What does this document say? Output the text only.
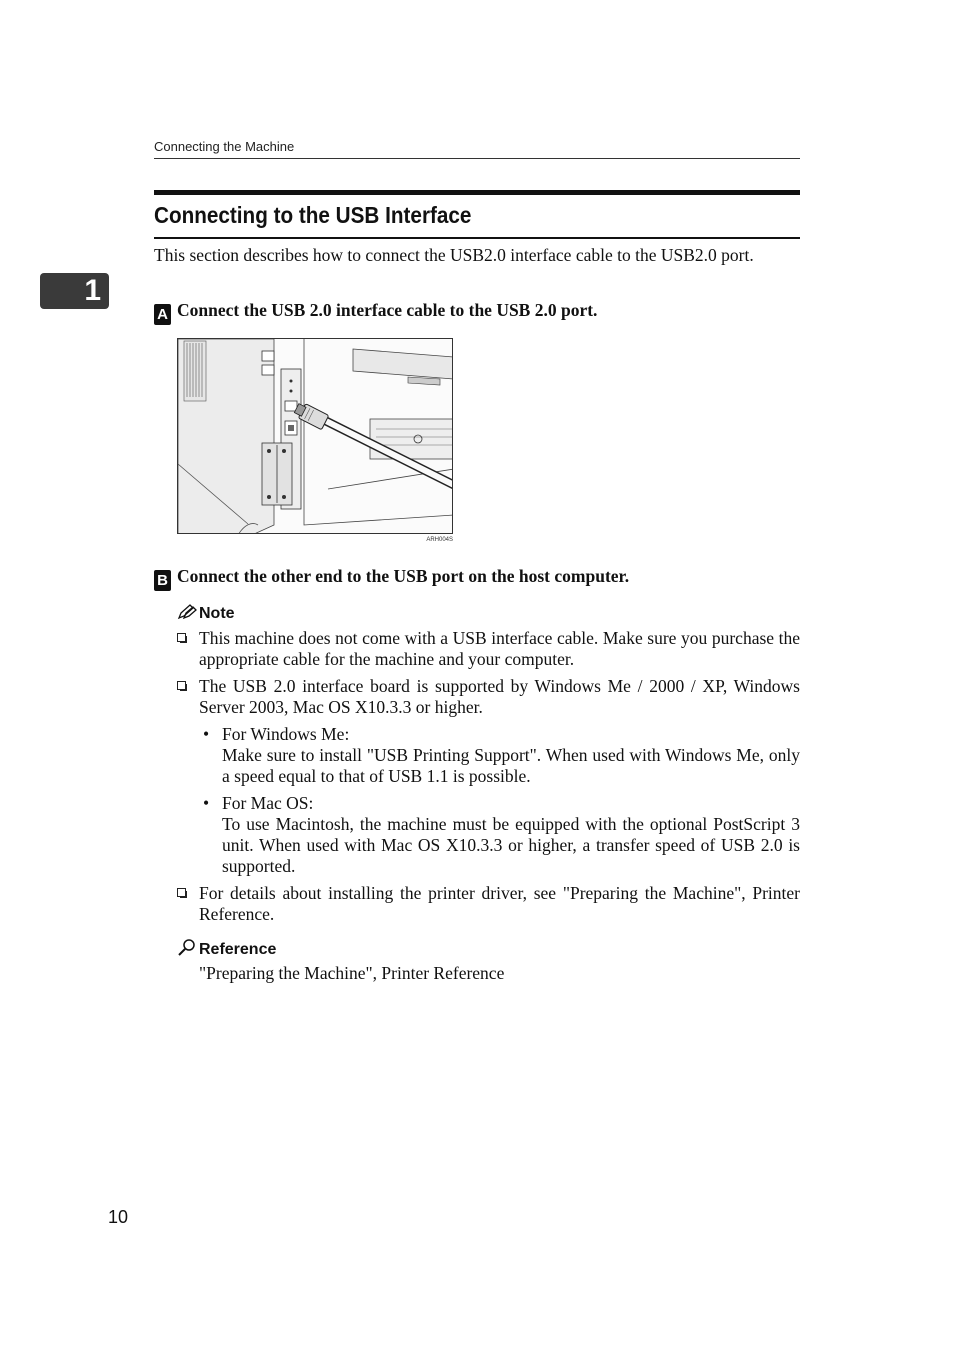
Connecting the Machine
1
Connecting to the USB Interface

This section describes how to connect the USB2.0 interface cable to the USB2.0 port.

A Connect the USB 2.0 interface cable to the USB 2.0 port.
ARH004S
B Connect the other end to the USB port on the host computer.
Note
This machine does not come with a USB interface cable. Make sure you purchase the appropriate cable for the machine and your computer.
The USB 2.0 interface board is supported by Windows Me / 2000 / XP, Windows Server 2003, Mac OS X10.3.3 or higher.
• For Windows Me:
Make sure to install "USB Printing Support". When used with Windows Me, only a speed equal to that of USB 1.1 is possible.
• For Mac OS:
To use Macintosh, the machine must be equipped with the optional PostScript 3 unit. When used with Mac OS X10.3.3 or higher, a transfer speed of USB 2.0 is supported.
For details about installing the printer driver, see "Preparing the Machine", Printer Reference.
Reference
"Preparing the Machine", Printer Reference
10
